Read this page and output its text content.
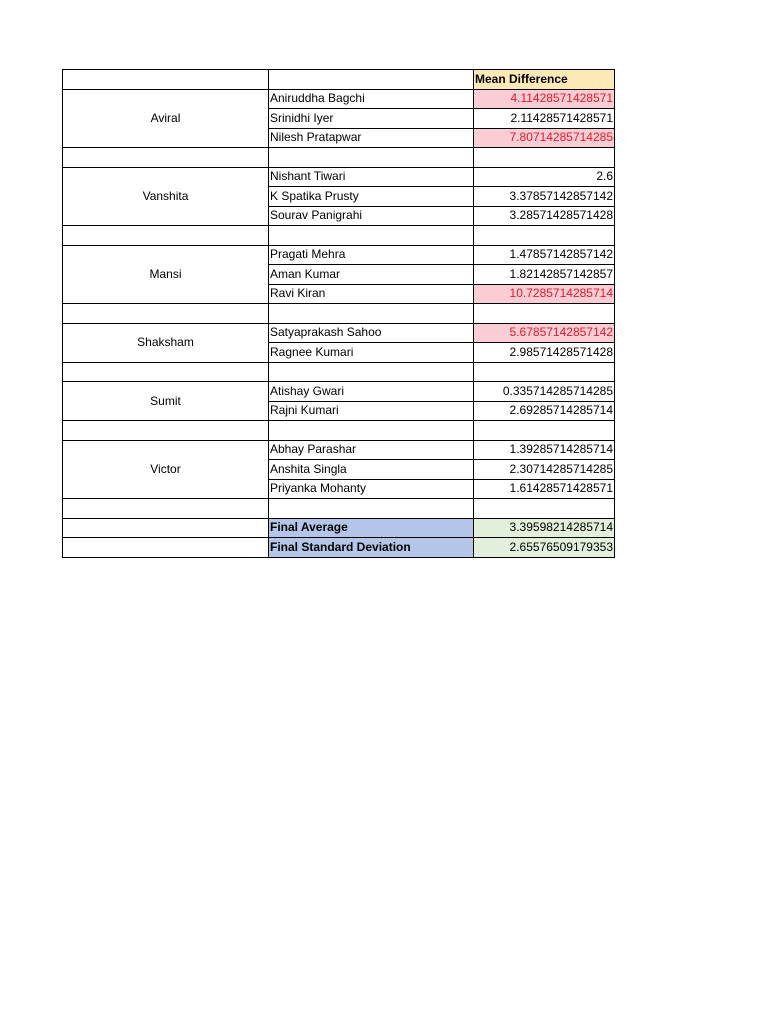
		Mean Difference
Aviral	Aniruddha Bagchi	4.11428571428571
	Srinidhi Iyer	2.11428571428571
	Nilesh Pratapwar	7.80714285714285

Vanshita	Nishant Tiwari	2.6
	K Spatika Prusty	3.37857142857142
	Sourav Panigrahi	3.28571428571428

Mansi	Pragati Mehra	1.47857142857142
	Aman Kumar	1.82142857142857
	Ravi Kiran	10.7285714285714

Shaksham	Satyaprakash Sahoo	5.67857142857142
	Ragnee Kumari	2.98571428571428

Sumit	Atishay Gwari	0.335714285714285
	Rajni Kumari	2.69285714285714

Victor	Abhay Parashar	1.39285714285714
	Anshita Singla	2.30714285714285
	Priyanka Mohanty	1.61428571428571

	Final Average	3.39598214285714
	Final Standard Deviation	2.65576509179353
